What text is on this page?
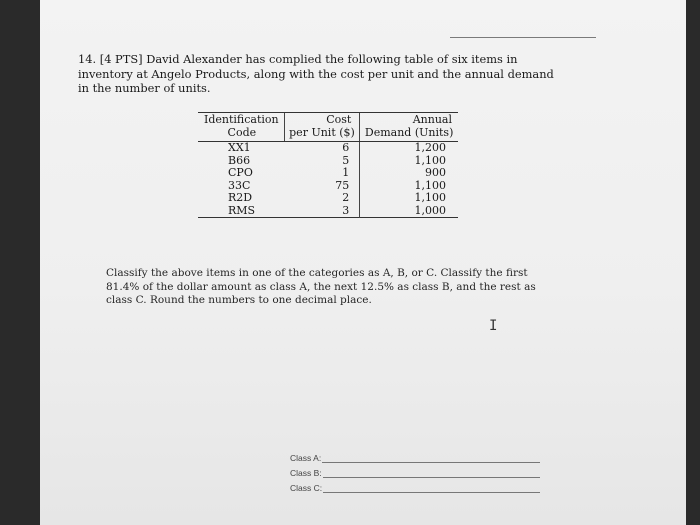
14. [4 PTS] David Alexander has complied the following table of six items in inventory at Angelo Products, along with the cost per unit and the annual demand in the number of units.

Identification	Cost	Annual
Code	per Unit ($)	Demand (Units)
XX1	6	1,200
B66	5	1,100
CPO	1	900
33C	75	1,100
R2D	2	1,100
RMS	3	1,000

Classify the above items in one of the categories as A, B, or C. Classify the first 81.4% of the dollar amount as class A, the next 12.5% as class B, and the rest as class C. Round the numbers to one decimal place.
I
Class A:
Class B:
Class C:
